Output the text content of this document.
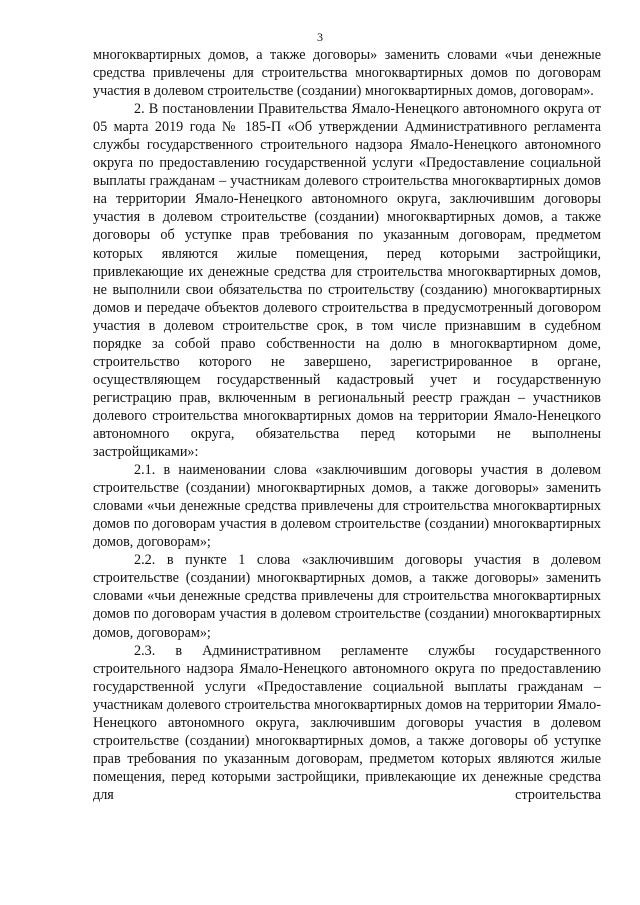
3

многоквартирных домов, а также договоры» заменить словами «чьи денежные средства привлечены для строительства многоквартирных домов по договорам участия в долевом строительстве (создании) многоквартирных домов, договорам».

2. В постановлении Правительства Ямало-Ненецкого автономного округа от 05 марта 2019 года № 185-П «Об утверждении Административного регламента службы государственного строительного надзора Ямало-Ненецкого автономного округа по предоставлению государственной услуги «Предоставление социальной выплаты гражданам – участникам долевого строительства многоквартирных домов на территории Ямало-Ненецкого автономного округа, заключившим договоры участия в долевом строительстве (создании) многоквартирных домов, а также договоры об уступке прав требования по указанным договорам, предметом которых являются жилые помещения, перед которыми застройщики, привлекающие их денежные средства для строительства многоквартирных домов, не выполнили свои обязательства по строительству (созданию) многоквартирных домов и передаче объектов долевого строительства в предусмотренный договором участия в долевом строительстве срок, в том числе признавшим в судебном порядке за собой право собственности на долю в многоквартирном доме, строительство которого не завершено, зарегистрированное в органе, осуществляющем государственный кадастровый учет и государственную регистрацию прав, включенным в региональный реестр граждан – участников долевого строительства многоквартирных домов на территории Ямало-Ненецкого автономного округа, обязательства перед которыми не выполнены застройщиками»:

2.1. в наименовании слова «заключившим договоры участия в долевом строительстве (создании) многоквартирных домов, а также договоры» заменить словами «чьи денежные средства привлечены для строительства многоквартирных домов по договорам участия в долевом строительстве (создании) многоквартирных домов, договорам»;

2.2. в пункте 1 слова «заключившим договоры участия в долевом строительстве (создании) многоквартирных домов, а также договоры» заменить словами «чьи денежные средства привлечены для строительства многоквартирных домов по договорам участия в долевом строительстве (создании) многоквартирных домов, договорам»;

2.3. в Административном регламенте службы государственного строительного надзора Ямало-Ненецкого автономного округа по предоставлению государственной услуги «Предоставление социальной выплаты гражданам – участникам долевого строительства многоквартирных домов на территории Ямало-Ненецкого автономного округа, заключившим договоры участия в долевом строительстве (создании) многоквартирных домов, а также договоры об уступке прав требования по указанным договорам, предметом которых являются жилые помещения, перед которыми застройщики, привлекающие их денежные средства для строительства
